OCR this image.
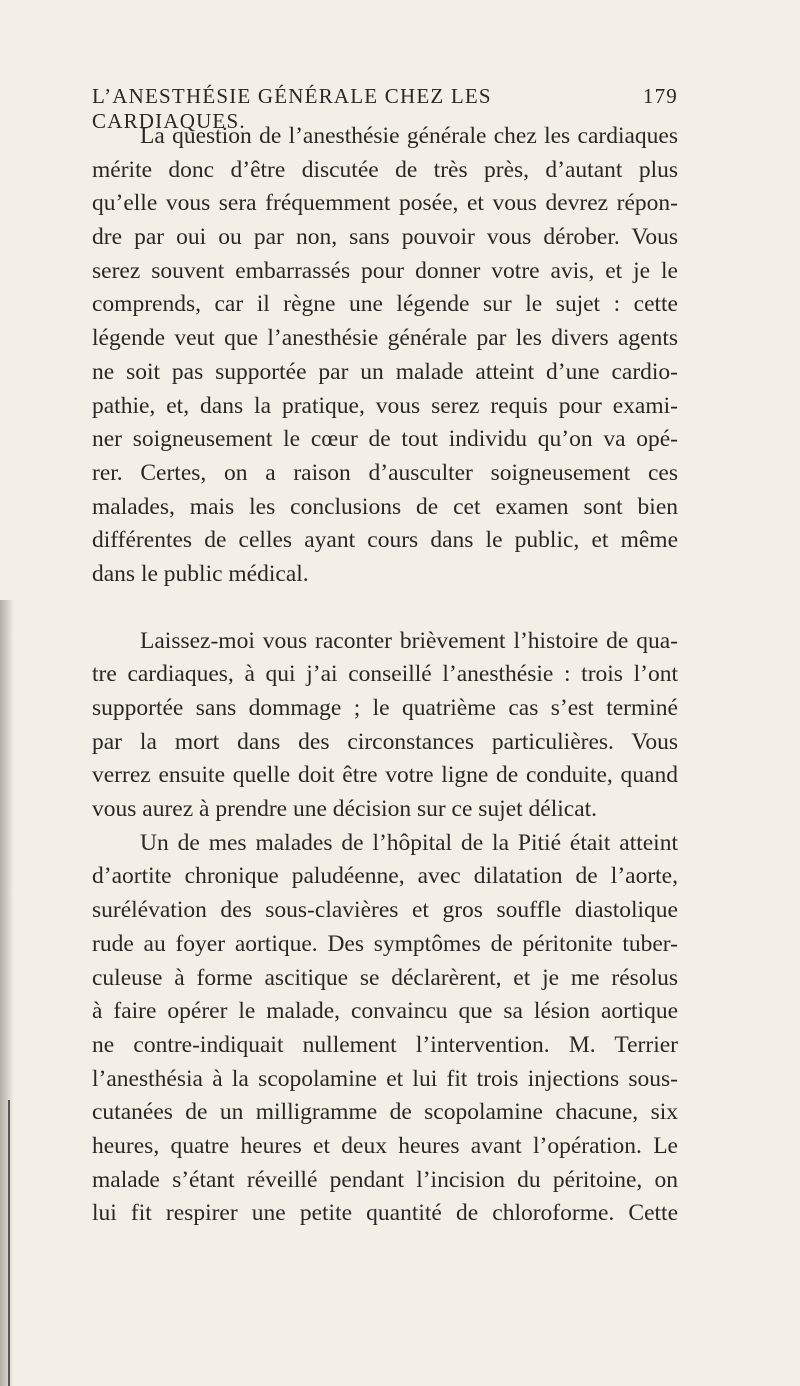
L’ANESTHÉSIE GÉNÉRALE CHEZ LES CARDIAQUES.
179
La question de l’anesthésie générale chez les cardiaques
mérite donc d’être discutée de très près, d’autant plus
qu’elle vous sera fréquemment posée, et vous devrez répon-
dre par oui ou par non, sans pouvoir vous dérober. Vous
serez souvent embarrassés pour donner votre avis, et je le
comprends, car il règne une légende sur le sujet : cette
légende veut que l’anesthésie générale par les divers agents
ne soit pas supportée par un malade atteint d’une cardio-
pathie, et, dans la pratique, vous serez requis pour exami-
ner soigneusement le cœur de tout individu qu’on va opé-
rer. Certes, on a raison d’ausculter soigneusement ces
malades, mais les conclusions de cet examen sont bien
différentes de celles ayant cours dans le public, et même
dans le public médical.
Laissez-moi vous raconter brièvement l’histoire de qua-
tre cardiaques, à qui j’ai conseillé l’anesthésie : trois l’ont
supportée sans dommage ; le quatrième cas s’est terminé
par la mort dans des circonstances particulières. Vous
verrez ensuite quelle doit être votre ligne de conduite, quand
vous aurez à prendre une décision sur ce sujet délicat.
Un de mes malades de l’hôpital de la Pitié était atteint
d’aortite chronique paludéenne, avec dilatation de l’aorte,
surélévation des sous-clavières et gros souffle diastolique
rude au foyer aortique. Des symptômes de péritonite tuber-
culeuse à forme ascitique se déclarèrent, et je me résolus
à faire opérer le malade, convaincu que sa lésion aortique
ne contre-indiquait nullement l’intervention. M. Terrier
l’anesthésia à la scopolamine et lui fit trois injections sous-
cutanées de un milligramme de scopolamine chacune, six
heures, quatre heures et deux heures avant l’opération. Le
malade s’étant réveillé pendant l’incision du péritoine, on
lui fit respirer une petite quantité de chloroforme. Cette
